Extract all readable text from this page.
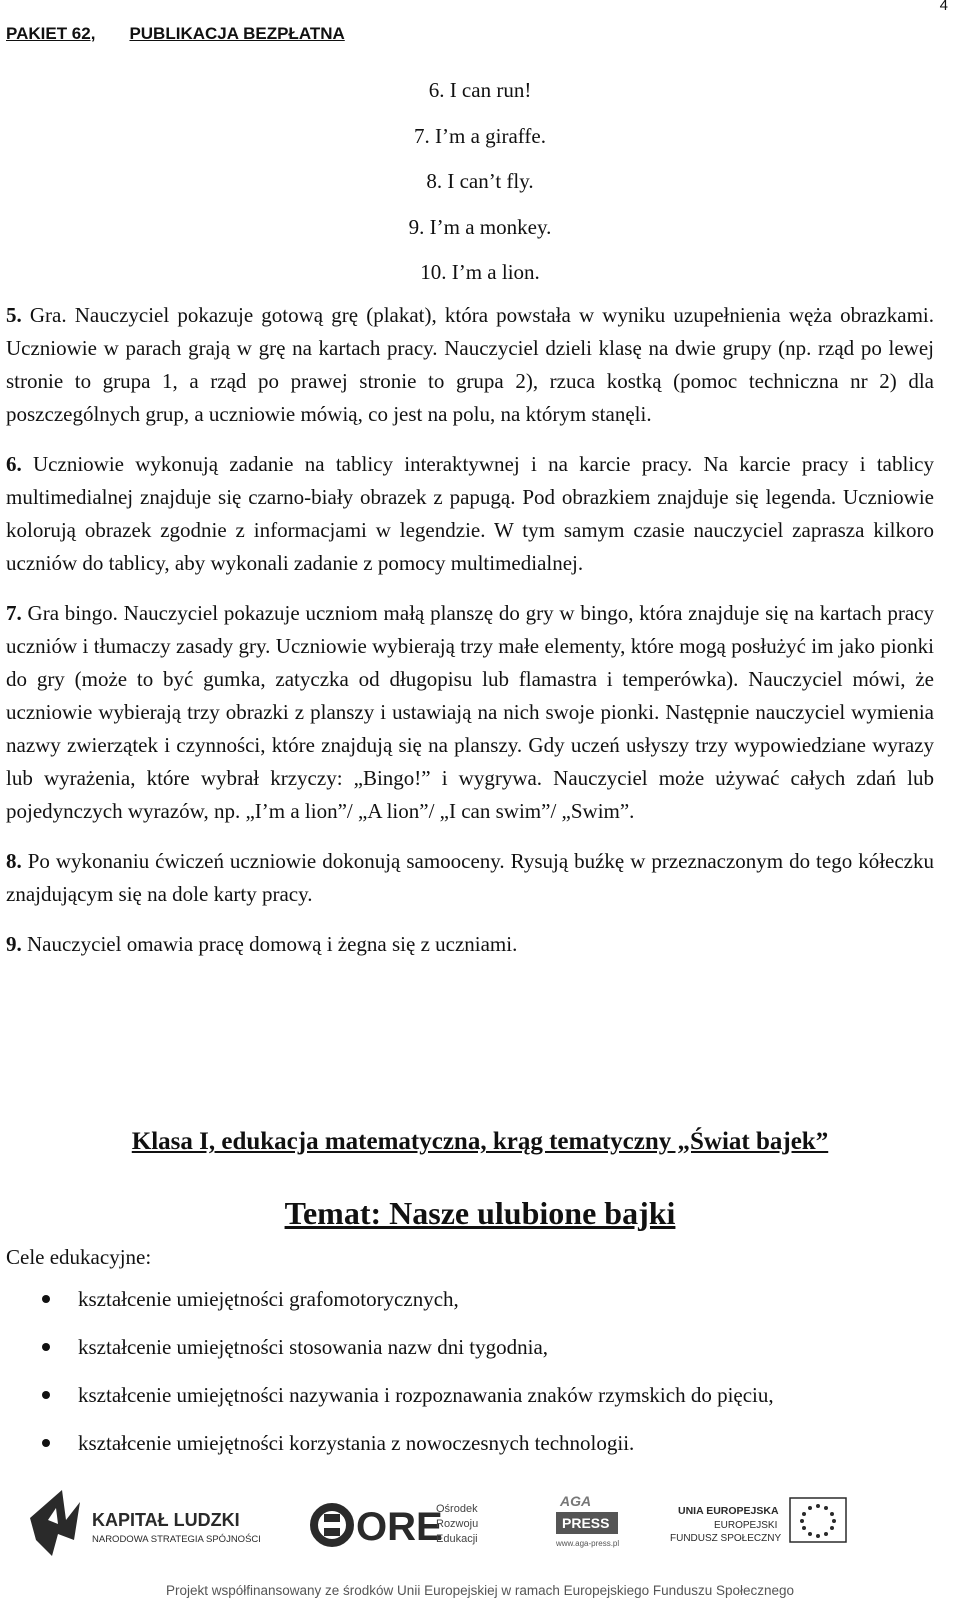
PAKIET 62, PUBLIKACJA BEZPŁATNA
4
6. I can run!
7. I’m a giraffe.
8. I can’t fly.
9. I’m a monkey.
10. I’m a lion.

5. Gra. Nauczyciel pokazuje gotową grę (plakat), która powstała w wyniku uzupełnienia węża obrazkami. Uczniowie w parach grają w grę na kartach pracy. Nauczyciel dzieli klasę na dwie grupy (np. rząd po lewej stronie to grupa 1, a rząd po prawej stronie to grupa 2), rzuca kostką (pomoc techniczna nr 2) dla poszczególnych grup, a uczniowie mówią, co jest na polu, na którym stanęli.

6. Uczniowie wykonują zadanie na tablicy interaktywnej i na karcie pracy. Na karcie pracy i tablicy multimedialnej znajduje się czarno-biały obrazek z papugą. Pod obrazkiem znajduje się legenda. Uczniowie kolorują obrazek zgodnie z informacjami w legendzie. W tym samym czasie nauczyciel zaprasza kilkoro uczniów do tablicy, aby wykonali zadanie z pomocy multimedialnej.

7. Gra bingo. Nauczyciel pokazuje uczniom małą planszę do gry w bingo, która znajduje się na kartach pracy uczniów i tłumaczy zasady gry. Uczniowie wybierają trzy małe elementy, które mogą posłużyć im jako pionki do gry (może to być gumka, zatyczka od długopisu lub flamastra i temperówka). Nauczyciel mówi, że uczniowie wybierają trzy obrazki z planszy i ustawiają na nich swoje pionki. Następnie nauczyciel wymienia nazwy zwierzątek i czynności, które znajdują się na planszy. Gdy uczeń usłyszy trzy wypowiedziane wyrazy lub wyrażenia, które wybrał krzyczy: „Bingo!” i wygrywa. Nauczyciel może używać całych zdań lub pojedynczych wyrazów, np. „I’m a lion”/ „A lion”/ „I can swim”/ „Swim”.

8. Po wykonaniu ćwiczeń uczniowie dokonują samooceny. Rysują buźkę w przeznaczonym do tego kółeczku znajdującym się na dole karty pracy.

9. Nauczyciel omawia pracę domową i żegna się z uczniami.

Klasa I, edukacja matematyczna, krąg tematyczny „Świat bajek”
Temat: Nasze ulubione bajki
Cele edukacyjne:
kształcenie umiejętności grafomotorycznych,
kształcenie umiejętności stosowania nazw dni tygodnia,
kształcenie umiejętności nazywania i rozpoznawania znaków rzymskich do pięciu,
kształcenie umiejętności korzystania z nowoczesnych technologii.
KAPITAŁ LUDZKI
NARODOWA STRATEGIA SPÓJNOŚCI ORE
Ośrodek
Rozwoju
Edukacji
AGA
PRESS
www.aga-press.pl
UNIA EUROPEJSKA
EUROPEJSKI
FUNDUSZ SPOŁECZNY
Projekt współfinansowany ze środków Unii Europejskiej w ramach Europejskiego Funduszu Społecznego
